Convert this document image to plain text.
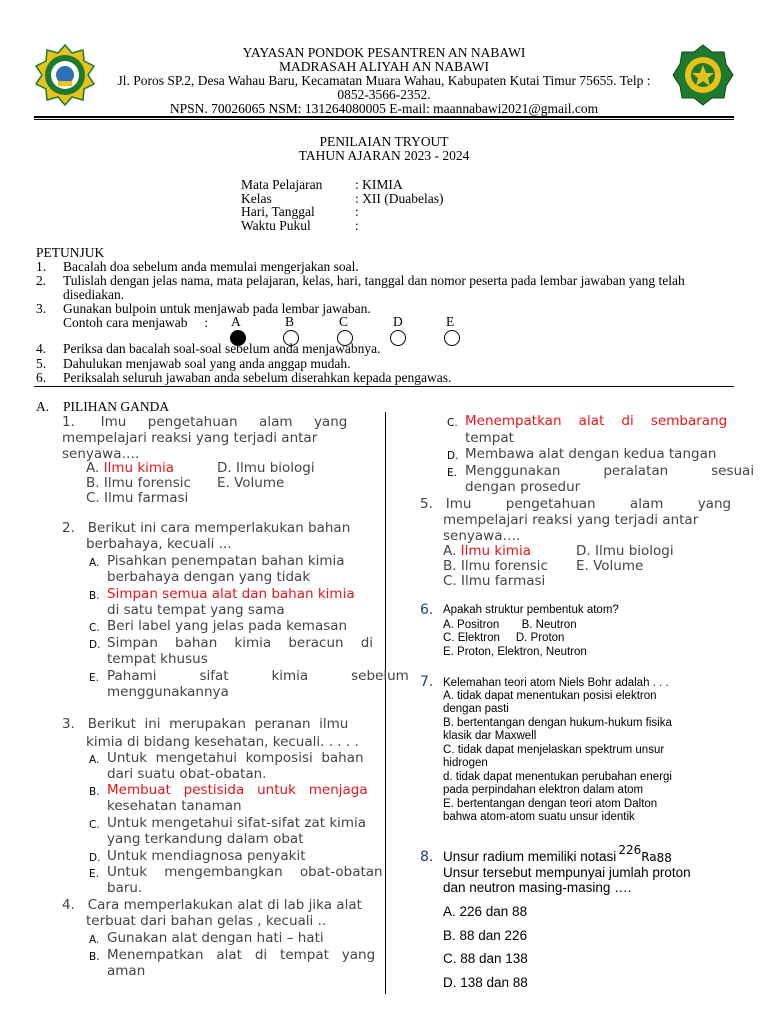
YAYASAN PONDOK PESANTREN AN NABAWI
MADRASAH ALIYAH AN NABAWI
Jl. Poros SP.2, Desa Wahau Baru, Kecamatan Muara Wahau, Kabupaten Kutai Timur 75655. Telp :
0852-3566-2352.
NPSN. 70026065 NSM: 131264080005 E-mail: maannabawi2021@gmail.com
PENILAIAN TRYOUT
TAHUN AJARAN 2023 - 2024
Mata Pelajaran : KIMIA
Kelas	: XII (Duabelas)
Hari, Tanggal	:
Waktu Pukul	:
PETUNJUK
1. Bacalah doa sebelum anda memulai mengerjakan soal.
2. Tulislah dengan jelas nama, mata pelajaran, kelas, hari, tanggal dan nomor peserta pada lembar jawaban yang telah
disediakan.
3. Gunakan bulpoin untuk menjawab pada lembar jawaban.
Contoh cara menjawab     : A	B	C	D	E
4. Periksa dan bacalah soal-soal sebelum anda menjawabnya.
5. Dahulukan menjawab soal yang anda anggap mudah.
6. Periksalah seluruh jawaban anda sebelum diserahkan kepada pengawas.
A. PILIHAN GANDA
1.      Imu     pengetahuan     alam     yang
mempelajari reaksi yang terjadi antar
senyawa….
A. Ilmu kimia	D. Ilmu biologi
B. Ilmu forensic E. Volume
C. Ilmu farmasi
2.   Berikut ini cara memperlakukan bahan
berbahaya, kecuali ...
A. Pisahkan penempatan bahan kimia
berbahaya dengan yang tidak
B. Simpan semua alat dan bahan kimia
di satu tempat yang sama
C. Beri label yang jelas pada kemasan
D. Simpan    bahan    kimia    beracun    di
tempat khusus
E. Pahami          sifat          kimia          sebelum
menggunakannya
3.   Berikut  ini  merupakan  peranan  ilmu
kimia di bidang kesehatan, kecuali. . . . .
A. Untuk  mengetahui  komposisi  bahan
dari suatu obat-obatan.
B. Membuat   pestisida   untuk   menjaga
kesehatan tanaman
C. Untuk mengetahui sifat-sifat zat kimia
yang terkandung dalam obat
D. Untuk mendiagnosa penyakit
E. Untuk    mengembangkan    obat-obatan
baru.
4.   Cara memperlakukan alat di lab jika alat
terbuat dari bahan gelas , kecuali ..
A. Gunakan alat dengan hati – hati
B. Menempatkan   alat   di   tempat   yang
aman
C. Menempatkan    alat    di    sembarang
tempat
D. Membawa alat dengan kedua tangan
E. Menggunakan          peralatan          sesuai
dengan prosedur
5.   Imu        pengetahuan        alam        yang
mempelajari reaksi yang terjadi antar
senyawa….
A. Ilmu kimia	D. Ilmu biologi
B. Ilmu forensic E. Volume
C. Ilmu farmasi
6. Apakah struktur pembentuk atom?
A. Positron       B. Neutron
C. Elektron     D. Proton
E. Proton, Elektron, Neutron
7. Kelemahan teori atom Niels Bohr adalah . . .
A. tidak dapat menentukan posisi elektron
dengan pasti
B. bertentangan dengan hukum-hukum fisika
klasik dar Maxwell
C. tidak dapat menjelaskan spektrum unsur
hidrogen
d. tidak dapat menentukan perubahan energi
pada perpindahan elektron dalam atom
E. bertentangan dengan teori atom Dalton
bahwa atom-atom suatu unsur identik
8. Unsur radium memiliki notasi 226Ra88
Unsur tersebut mempunyai jumlah proton
dan neutron masing-masing ….
A. 226 dan 88
B. 88 dan 226
C. 88 dan 138
D. 138 dan 88
